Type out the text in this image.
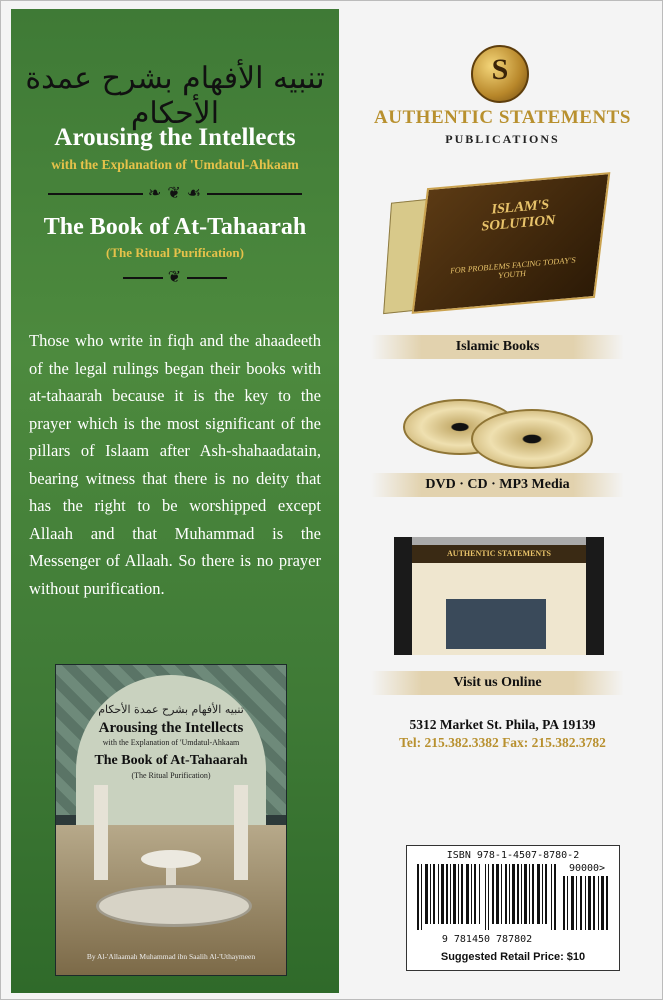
تنبيه الأفهام بشرح عمدة الأحكام
Arousing the Intellects
with the Explanation of 'Umdatul-Ahkaam
❧ ❦ ☙
The Book of At-Tahaarah
(The Ritual Purification)
❦
Those who write in fiqh and the ahaadeeth of the legal rulings began their books with at-tahaarah because it is the key to the prayer which is the most significant of the pillars of Islaam after Ash-shahaadatain, bearing witness that there is no deity that has the right to be worshipped except Allaah and that Muhammad is the Messenger of Allaah. So there is no prayer without purification.
تنبيه الأفهام بشرح عمدة الأحكام
Arousing the Intellects
with the Explanation of 'Umdatul-Ahkaam
The Book of At-Tahaarah
(The Ritual Purification)
By Al-'Allaamah Muhammad ibn Saalih Al-'Uthaymeen
S
AUTHENTIC STATEMENTS
PUBLICATIONS
ISLAM'S SOLUTION
FOR PROBLEMS FACING TODAY'S YOUTH
Islamic Books
DVD · CD · MP3 Media
AUTHENTIC STATEMENTS
Visit us Online
5312 Market St. Phila, PA 19139
Tel: 215.382.3382 Fax: 215.382.3782
ISBN 978-1-4507-8780-2
90000>
9 781450 787802
Suggested Retail Price: $10
